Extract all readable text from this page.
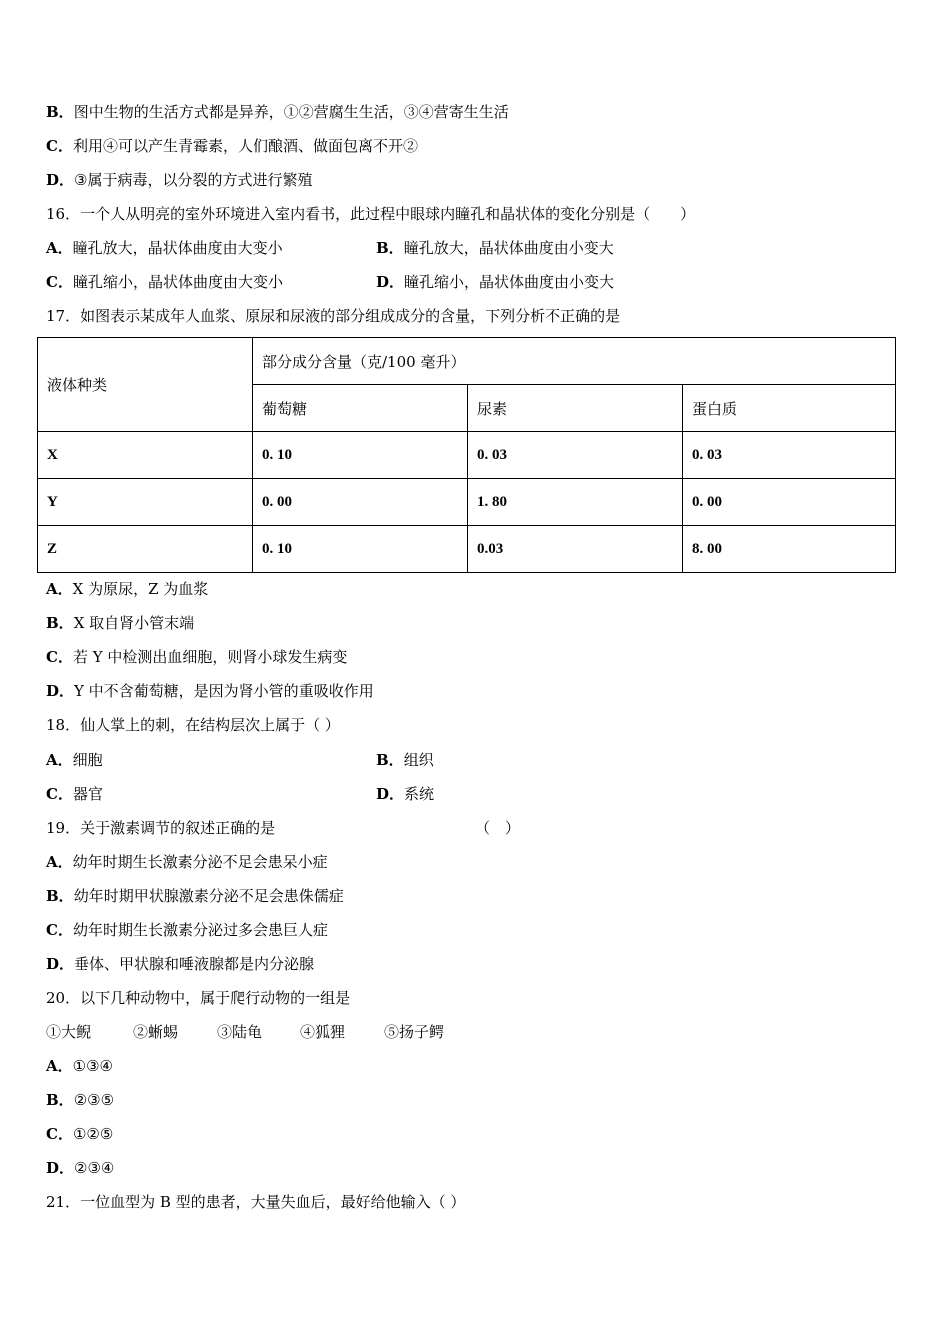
B．图中生物的生活方式都是异养，①②营腐生生活，③④营寄生生活
C．利用④可以产生青霉素，人们酿酒、做面包离不开②
D．③属于病毒，以分裂的方式进行繁殖
16．一个人从明亮的室外环境进入室内看书，此过程中眼球内瞳孔和晶状体的变化分别是（　　）
A．瞳孔放大，晶状体曲度由大变小	B．瞳孔放大，晶状体曲度由小变大
C．瞳孔缩小，晶状体曲度由大变小	D．瞳孔缩小，晶状体曲度由小变大
17．如图表示某成年人血浆、原尿和尿液的部分组成成分的含量，下列分析不正确的是
液体种类	部分成分含量（克/100 毫升）		
	葡萄糖	尿素	蛋白质
X	0. 10	0. 03	0. 03
Y	0. 00	1. 80	0. 00
Z	0. 10	0.03	8. 00
A．X 为原尿，Z 为血浆
B．X 取自肾小管末端
C．若 Y 中检测出血细胞，则肾小球发生病变
D．Y 中不含葡萄糖，是因为肾小管的重吸收作用
18．仙人掌上的刺，在结构层次上属于（ ）
A．细胞	B．组织
C．器官	D．系统
19．关于激素调节的叙述正确的是	（　）
A．幼年时期生长激素分泌不足会患呆小症
B．幼年时期甲状腺激素分泌不足会患侏儒症
C．幼年时期生长激素分泌过多会患巨人症
D．垂体、甲状腺和唾液腺都是内分泌腺
20．以下几种动物中，属于爬行动物的一组是
①大鲵	②蜥蜴	③陆龟	④狐狸	⑤扬子鳄
A．①③④
B．②③⑤
C．①②⑤
D．②③④
21．一位血型为 B 型的患者，大量失血后，最好给他输入（ ）
